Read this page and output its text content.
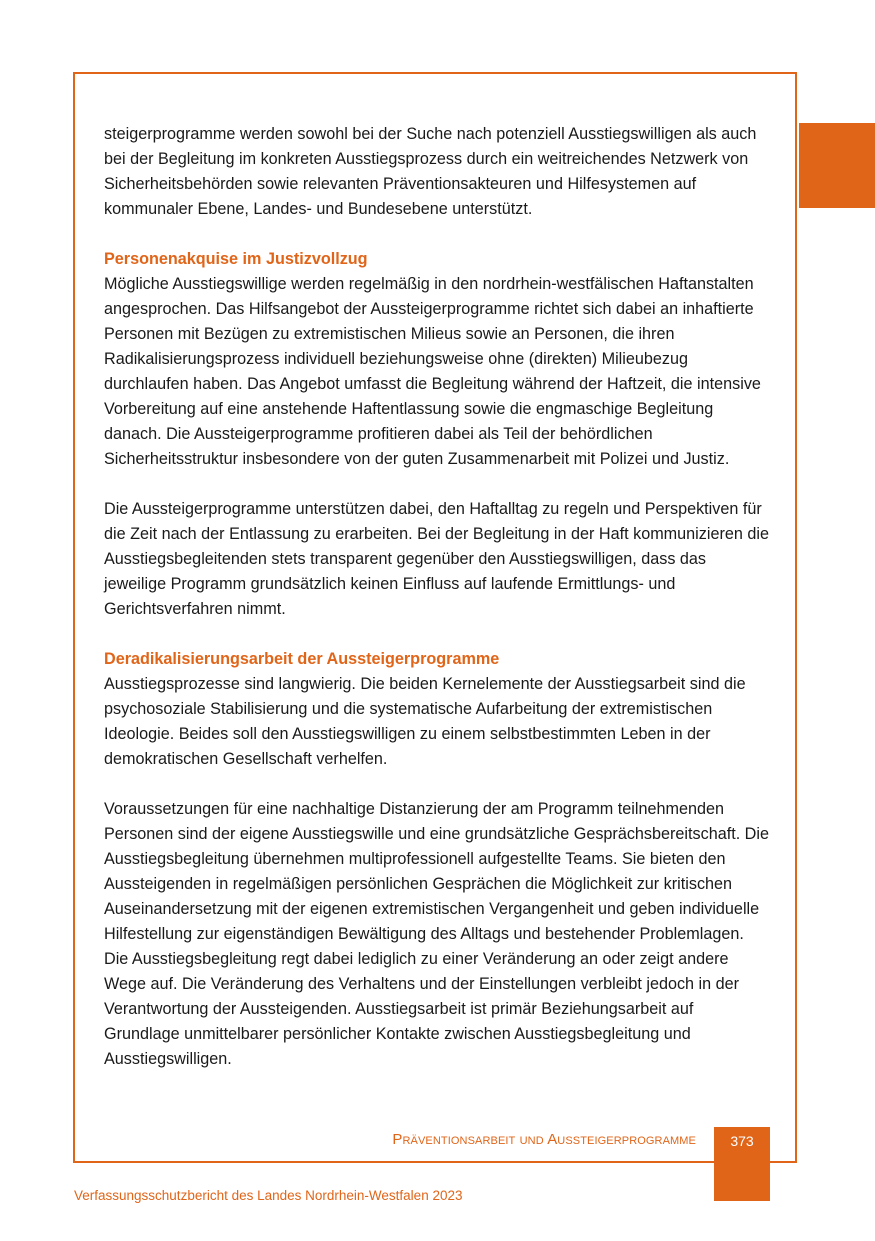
steigerprogramme werden sowohl bei der Suche nach potenziell Ausstiegswilligen als auch bei der Begleitung im konkreten Ausstiegsprozess durch ein weitreichendes Netzwerk von Sicherheitsbehörden sowie relevanten Präventionsakteuren und Hilfesystemen auf kommunaler Ebene, Landes- und Bundesebene unterstützt.

Personenakquise im Justizvollzug

Mögliche Ausstiegswillige werden regelmäßig in den nordrhein-westfälischen Haftanstalten angesprochen. Das Hilfsangebot der Aussteigerprogramme richtet sich dabei an inhaftierte Personen mit Bezügen zu extremistischen Milieus sowie an Personen, die ihren Radikalisierungsprozess individuell beziehungsweise ohne (direkten) Milieubezug durchlaufen haben. Das Angebot umfasst die Begleitung während der Haftzeit, die intensive Vorbereitung auf eine anstehende Haftentlassung sowie die engmaschige Begleitung danach. Die Aussteigerprogramme profitieren dabei als Teil der behördlichen Sicherheitsstruktur insbesondere von der guten Zusammenarbeit mit Polizei und Justiz.

Die Aussteigerprogramme unterstützen dabei, den Haftalltag zu regeln und Perspektiven für die Zeit nach der Entlassung zu erarbeiten. Bei der Begleitung in der Haft kommunizieren die Ausstiegsbegleitenden stets transparent gegenüber den Ausstiegswilligen, dass das jeweilige Programm grundsätzlich keinen Einfluss auf laufende Ermittlungs- und Gerichtsverfahren nimmt.

Deradikalisierungsarbeit der Aussteigerprogramme

Ausstiegsprozesse sind langwierig. Die beiden Kernelemente der Ausstiegsarbeit sind die psychosoziale Stabilisierung und die systematische Aufarbeitung der extremistischen Ideologie. Beides soll den Ausstiegswilligen zu einem selbstbestimmten Leben in der demokratischen Gesellschaft verhelfen.

Voraussetzungen für eine nachhaltige Distanzierung der am Programm teilnehmenden Personen sind der eigene Ausstiegswille und eine grundsätzliche Gesprächsbereitschaft. Die Ausstiegsbegleitung übernehmen multiprofessionell aufgestellte Teams. Sie bieten den Aussteigenden in regelmäßigen persönlichen Gesprächen die Möglichkeit zur kritischen Auseinandersetzung mit der eigenen extremistischen Vergangenheit und geben individuelle Hilfestellung zur eigenständigen Bewältigung des Alltags und bestehender Problemlagen. Die Ausstiegsbegleitung regt dabei lediglich zu einer Veränderung an oder zeigt andere Wege auf. Die Veränderung des Verhaltens und der Einstellungen verbleibt jedoch in der Verantwortung der Aussteigenden. Ausstiegsarbeit ist primär Beziehungsarbeit auf Grundlage unmittelbarer persönlicher Kontakte zwischen Ausstiegsbegleitung und Ausstiegswilligen.

Präventionsarbeit und Aussteigerprogramme	373
Verfassungsschutzbericht des Landes Nordrhein-Westfalen 2023
